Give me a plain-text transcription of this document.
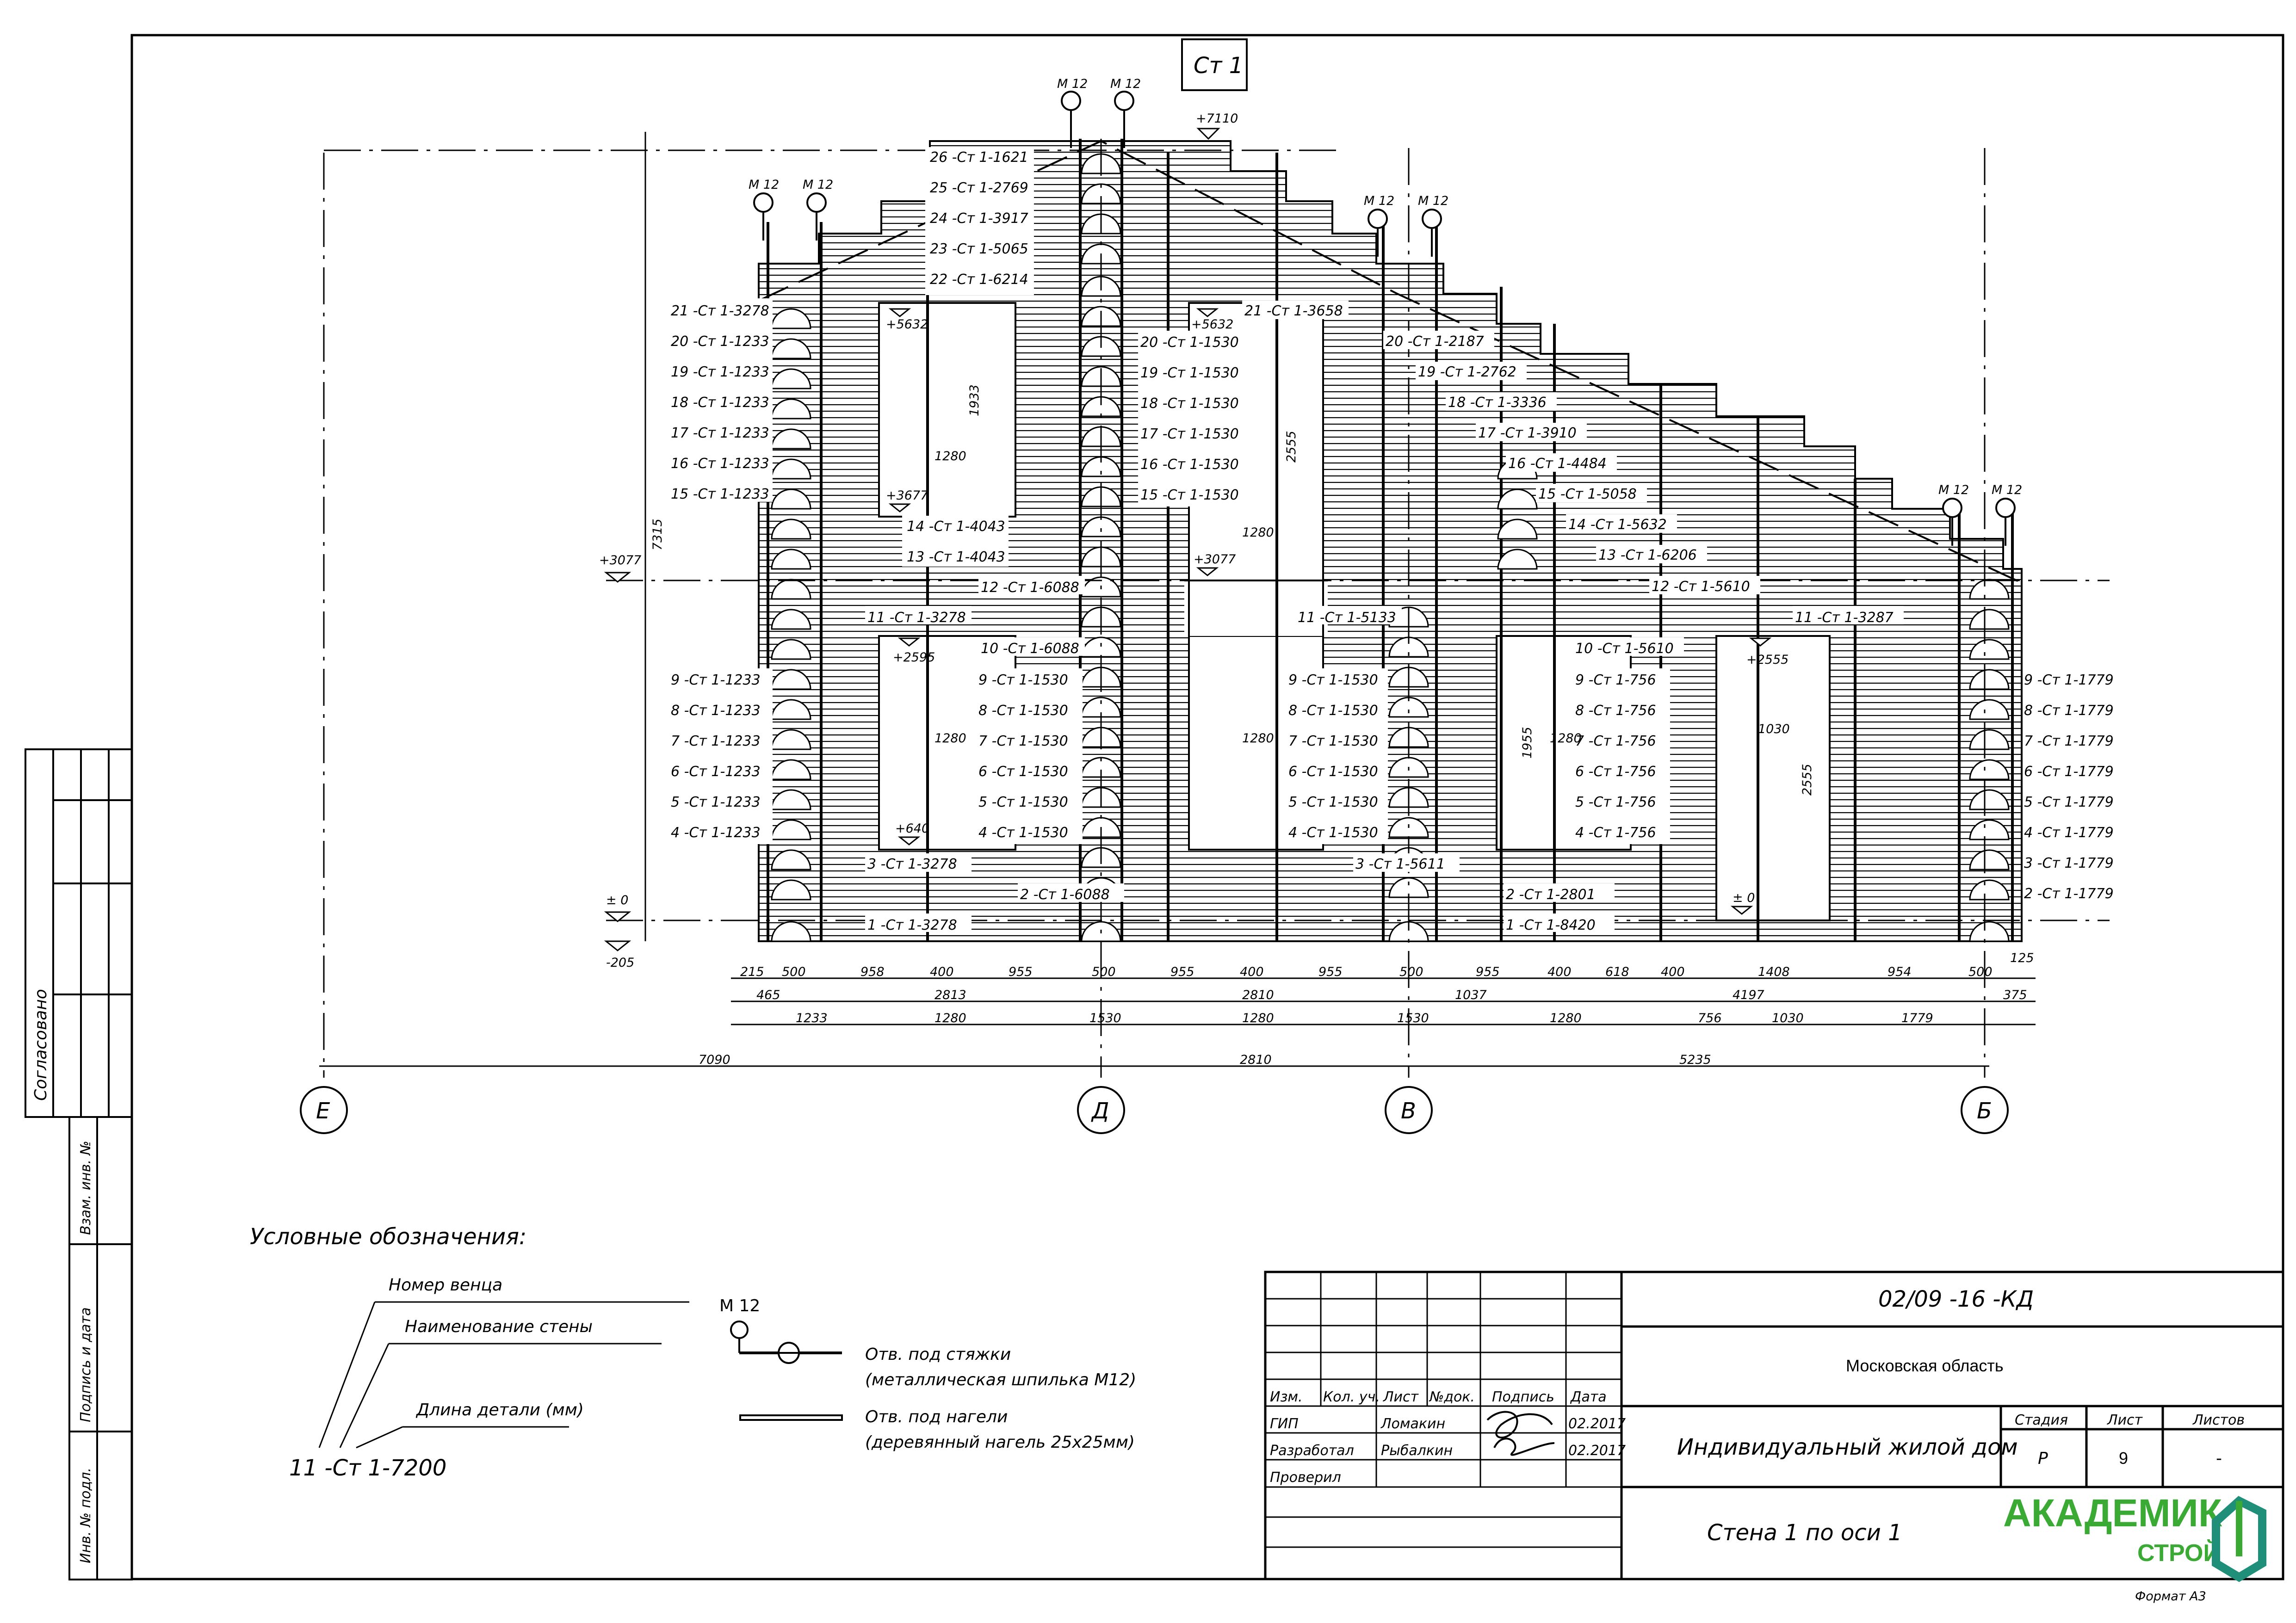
Согласовано
Взам. инв. №
Подпись и дата
Инв. № подл.
Ст 1
+7110
+3077
± 0
-205
7315
М 12 М 12
М 12 М 12
М 12 М 12
М 12 М 12
21 -Ст 1-3278
20 -Ст 1-1233
19 -Ст 1-1233
18 -Ст 1-1233
17 -Ст 1-1233
16 -Ст 1-1233
15 -Ст 1-1233
9 -Ст 1-1233
8 -Ст 1-1233
7 -Ст 1-1233
6 -Ст 1-1233
5 -Ст 1-1233
4 -Ст 1-1233
26 -Ст 1-1621
25 -Ст 1-2769
24 -Ст 1-3917
23 -Ст 1-5065
22 -Ст 1-6214
14 -Ст 1-4043
13 -Ст 1-4043
12 -Ст 1-6088
11 -Ст 1-3278
10 -Ст 1-6088
9 -Ст 1-1530
8 -Ст 1-1530
7 -Ст 1-1530
6 -Ст 1-1530
5 -Ст 1-1530
4 -Ст 1-1530
3 -Ст 1-3278
2 -Ст 1-6088
1 -Ст 1-3278
20 -Ст 1-1530
19 -Ст 1-1530
18 -Ст 1-1530
17 -Ст 1-1530
16 -Ст 1-1530
15 -Ст 1-1530
21 -Ст 1-3658
11 -Ст 1-5133
9 -Ст 1-1530
8 -Ст 1-1530
7 -Ст 1-1530
6 -Ст 1-1530
5 -Ст 1-1530
4 -Ст 1-1530
3 -Ст 1-5611
20 -Ст 1-2187
19 -Ст 1-2762
18 -Ст 1-3336
17 -Ст 1-3910
16 -Ст 1-4484
15 -Ст 1-5058
14 -Ст 1-5632
13 -Ст 1-6206
12 -Ст 1-5610
10 -Ст 1-5610
9 -Ст 1-756
8 -Ст 1-756
7 -Ст 1-756
6 -Ст 1-756
5 -Ст 1-756
4 -Ст 1-756
2 -Ст 1-2801
1 -Ст 1-8420
11 -Ст 1-3287
9 -Ст 1-1779
8 -Ст 1-1779
7 -Ст 1-1779
6 -Ст 1-1779
5 -Ст 1-1779
4 -Ст 1-1779
3 -Ст 1-1779
2 -Ст 1-1779
+5632
+3677
1280
1933
+5632
+3077
1280
2555
+2595
+640
1280	1280	1280
1955
+2555
± 0
1030
2555
215 500	958	400	955	500	955	400	955	500	955	400	618	400	1408	954	500
125
465	2813	2810	1037	4197	375
1233	1280	1530	1280	1530	1280	756	1030	1779
7090	2810	5235
Е	Д	В	Б
Условные обозначения:
Номер венца
Наименование стены
Длина детали (мм)
11 -Ст 1-7200
М 12
Отв. под стяжки
(металлическая шпилька М12)
Отв. под нагели
(деревянный нагель 25х25мм)
02/09 -16 -КД
Московская область
Индивидуальный жилой дом
Стена 1 по оси 1
Изм. Кол. уч. Лист №док. Подпись Дата
ГИП	Ломакин	02.2017
Разработал Рыбалкин	02.2017
Проверил
Стадия	Лист	Листов
Р	9	-
АКАДЕМИК
СТРОЙ
Формат А3
